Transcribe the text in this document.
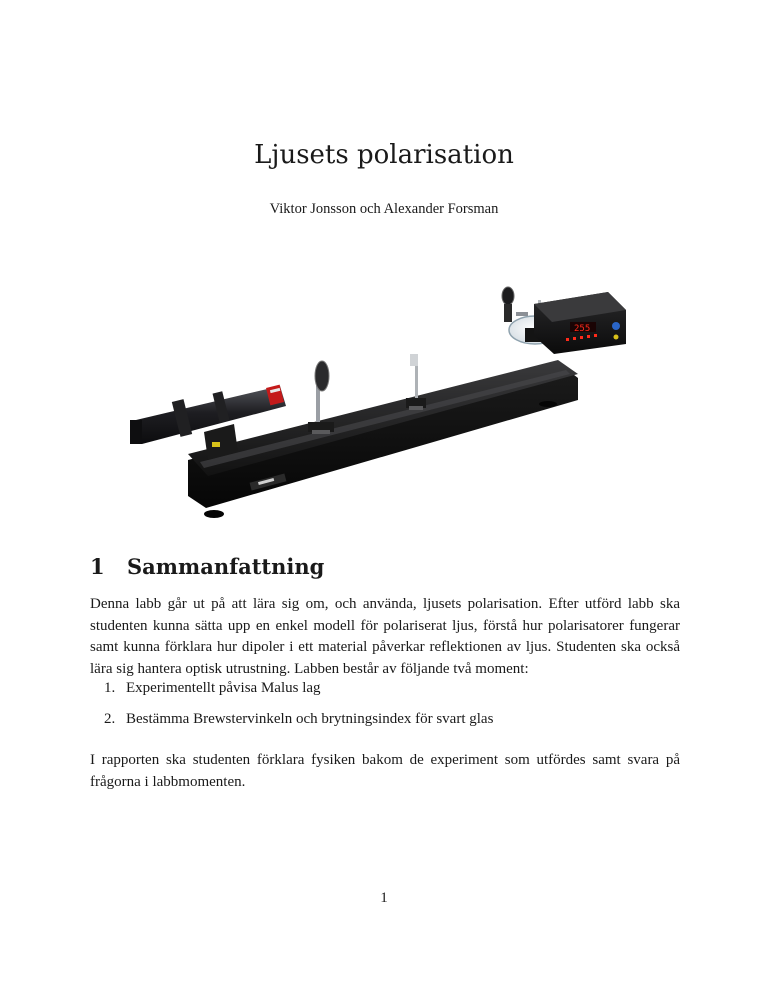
Ljusets polarisation
Viktor Jonsson och Alexander Forsman
255
1 Sammanfattning

Denna labb går ut på att lära sig om, och använda, ljusets polarisation. Efter utförd labb ska studenten kunna sätta upp en enkel modell för polariserat ljus, förstå hur polarisatorer fungerar samt kunna förklara hur dipoler i ett material påverkar reflektionen av ljus. Studenten ska också lära sig hantera optisk utrustning. Labben består av följande två moment:

1. Experimentellt påvisa Malus lag
2. Bestämma Brewstervinkeln och brytningsindex för svart glas

I rapporten ska studenten förklara fysiken bakom de experiment som utfördes samt svara på frågorna i labbmomenten.

1
